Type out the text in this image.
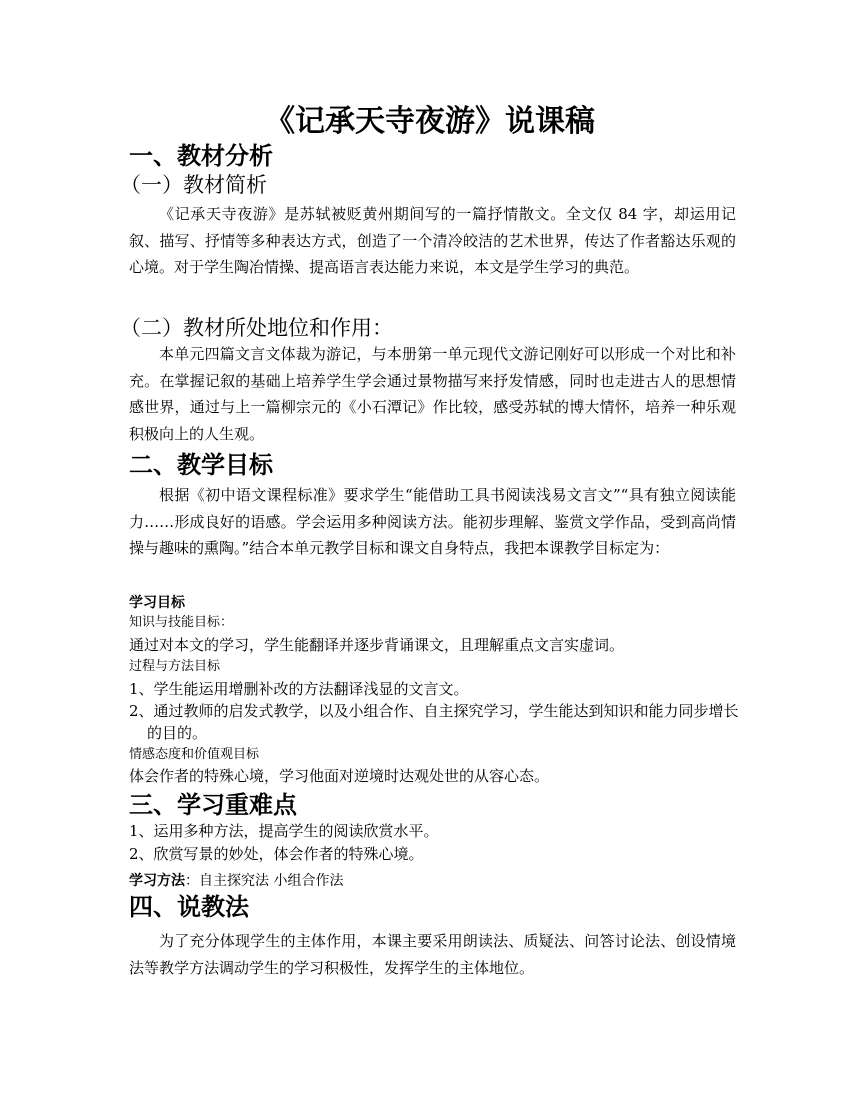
《记承天寺夜游》说课稿
一、教材分析
（一）教材简析

《记承天寺夜游》是苏轼被贬黄州期间写的一篇抒情散文。全文仅 84 字，却运用记叙、描写、抒情等多种表达方式，创造了一个清冷皎洁的艺术世界，传达了作者豁达乐观的心境。对于学生陶冶情操、提高语言表达能力来说，本文是学生学习的典范。

（二）教材所处地位和作用：

本单元四篇文言文体裁为游记，与本册第一单元现代文游记刚好可以形成一个对比和补充。在掌握记叙的基础上培养学生学会通过景物描写来抒发情感，同时也走进古人的思想情感世界，通过与上一篇柳宗元的《小石潭记》作比较，感受苏轼的博大情怀，培养一种乐观积极向上的人生观。

二、教学目标

根据《初中语文课程标准》要求学生“能借助工具书阅读浅易文言文”“具有独立阅读能力……形成良好的语感。学会运用多种阅读方法。能初步理解、鉴赏文学作品，受到高尚情操与趣味的熏陶。”结合本单元教学目标和课文自身特点，我把本课教学目标定为：

学习目标
知识与技能目标：
通过对本文的学习，学生能翻译并逐步背诵课文，且理解重点文言实虚词。
过程与方法目标
1、学生能运用增删补改的方法翻译浅显的文言文。
2、通过教师的启发式教学，以及小组合作、自主探究学习，学生能达到知识和能力同步增长的目的。
情感态度和价值观目标
体会作者的特殊心境，学习他面对逆境时达观处世的从容心态。
三、学习重难点
1、运用多种方法，提高学生的阅读欣赏水平。
2、欣赏写景的妙处，体会作者的特殊心境。
学习方法：自主探究法 小组合作法
四、说教法

为了充分体现学生的主体作用，本课主要采用朗读法、质疑法、问答讨论法、创设情境法等教学方法调动学生的学习积极性，发挥学生的主体地位。
